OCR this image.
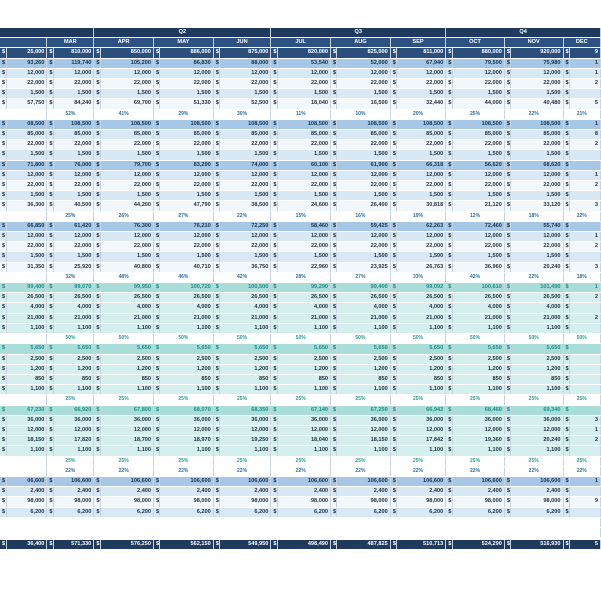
				Q2						Q3						Q4					
		MAR		APR		MAY		JUN		JUL		AUG		SEP		OCT		NOV		DEC	
$	25,000	$	810,000	$	850,000	$	886,000	$	875,000	$	820,000	$	825,000	$	811,000	$	880,000	$	920,000	$	9
$	93,260	$	119,740	$	105,200	$	86,830	$	88,000	$	53,540	$	52,000	$	67,940	$	79,500	$	75,980	$	1
$	12,000	$	12,000	$	12,000	$	12,000	$	12,000	$	12,000	$	12,000	$	12,000	$	12,000	$	12,000	$	1
$	22,000	$	22,000	$	22,000	$	22,000	$	22,000	$	22,000	$	22,000	$	22,000	$	22,000	$	22,000	$	2
$	1,500	$	1,500	$	1,500	$	1,500	$	1,500	$	1,500	$	1,500	$	1,500	$	1,500	$	1,500	$	
$	57,750	$	84,240	$	69,700	$	51,330	$	52,500	$	18,040	$	16,500	$	32,440	$	44,000	$	40,480	$	5
		52%		41%		29%		30%		11%		10%		20%		25%		22%		21%	
$	08,500	$	108,500	$	108,500	$	108,500	$	108,500	$	108,500	$	108,500	$	108,500	$	108,500	$	108,500	$	1
$	85,000	$	85,000	$	85,000	$	85,000	$	85,000	$	85,000	$	85,000	$	85,000	$	85,000	$	85,000	$	8
$	22,000	$	22,000	$	22,000	$	22,000	$	22,000	$	22,000	$	22,000	$	22,000	$	22,000	$	22,000	$	2
$	1,500	$	1,500	$	1,500	$	1,500	$	1,500	$	1,500	$	1,500	$	1,500	$	1,500	$	1,500	$	
$	71,800	$	76,000	$	79,700	$	83,290	$	74,000	$	60,100	$	61,900	$	66,318	$	56,620	$	68,620	$	
$	12,000	$	12,000	$	12,000	$	12,000	$	12,000	$	12,000	$	12,000	$	12,000	$	12,000	$	12,000	$	1
$	22,000	$	22,000	$	22,000	$	22,000	$	22,000	$	22,000	$	22,000	$	22,000	$	22,000	$	22,000	$	2
$	1,500	$	1,500	$	1,500	$	1,500	$	1,500	$	1,500	$	1,500	$	1,500	$	1,500	$	1,500	$	
$	36,300	$	40,500	$	44,200	$	47,790	$	38,500	$	24,600	$	26,400	$	30,818	$	21,120	$	33,120	$	3
		25%		26%		27%		22%		15%		16%		19%		12%		18%		22%	
$	66,850	$	61,420	$	76,300	$	76,210	$	72,250	$	58,460	$	59,425	$	62,263	$	72,460	$	55,740	$	
$	12,000	$	12,000	$	12,000	$	12,000	$	12,000	$	12,000	$	12,000	$	12,000	$	12,000	$	12,000	$	1
$	22,000	$	22,000	$	22,000	$	22,000	$	22,000	$	22,000	$	22,000	$	22,000	$	22,000	$	22,000	$	2
$	1,500	$	1,500	$	1,500	$	1,500	$	1,500	$	1,500	$	1,500	$	1,500	$	1,500	$	1,500	$	
$	31,350	$	25,920	$	40,800	$	40,710	$	36,750	$	22,960	$	23,925	$	26,763	$	36,960	$	20,240	$	3
		32%		48%		46%		42%		28%		27%		33%		42%		22%		18%	
$	99,400	$	99,070	$	99,950	$	100,720	$	100,500	$	99,290	$	99,400	$	99,092	$	100,610	$	101,490	$	1
$	26,500	$	26,500	$	26,500	$	26,500	$	26,500	$	26,500	$	26,500	$	26,500	$	26,500	$	26,500	$	2
$	4,000	$	4,000	$	4,000	$	4,000	$	4,000	$	4,000	$	4,000	$	4,000	$	4,000	$	4,000	$	
$	21,000	$	21,000	$	21,000	$	21,000	$	21,000	$	21,000	$	21,000	$	21,000	$	21,000	$	21,000	$	2
$	1,100	$	1,100	$	1,100	$	1,100	$	1,100	$	1,100	$	1,100	$	1,100	$	1,100	$	1,100	$	
		50%		50%		50%		50%		50%		50%		50%		50%		50%		50%	
$	5,650	$	5,650	$	5,650	$	5,650	$	5,650	$	5,650	$	5,650	$	5,650	$	5,650	$	5,650	$	
$	2,500	$	2,500	$	2,500	$	2,500	$	2,500	$	2,500	$	2,500	$	2,500	$	2,500	$	2,500	$	
$	1,200	$	1,200	$	1,200	$	1,200	$	1,200	$	1,200	$	1,200	$	1,200	$	1,200	$	1,200	$	
$	850	$	850	$	850	$	850	$	850	$	850	$	850	$	850	$	850	$	850	$	
$	1,100	$	1,100	$	1,100	$	1,100	$	1,100	$	1,100	$	1,100	$	1,100	$	1,100	$	1,100	$	
		25%		25%		25%		25%		25%		25%		25%		25%		25%		25%	
$	67,230	$	66,920	$	67,800	$	68,070	$	68,350	$	67,140	$	67,250	$	66,942	$	68,460	$	69,340	$	
$	36,000	$	36,000	$	36,000	$	36,000	$	36,000	$	36,000	$	36,000	$	36,000	$	36,000	$	36,000	$	3
$	12,000	$	12,000	$	12,000	$	12,000	$	12,000	$	12,000	$	12,000	$	12,000	$	12,000	$	12,000	$	1
$	18,150	$	17,820	$	18,700	$	18,970	$	19,250	$	18,040	$	18,150	$	17,842	$	19,360	$	20,240	$	2
$	1,100	$	1,100	$	1,100	$	1,100	$	1,100	$	1,100	$	1,100	$	1,100	$	1,100	$	1,100	$	
		25%		25%		25%		25%		25%		25%		25%		25%		25%		25%	
		22%		22%		22%		22%		22%		22%		22%		22%		22%		22%	
$	06,600	$	106,600	$	106,600	$	106,600	$	106,600	$	106,600	$	106,600	$	106,600	$	106,600	$	106,600	$	1
$	2,400	$	2,400	$	2,400	$	2,400	$	2,400	$	2,400	$	2,400	$	2,400	$	2,400	$	2,400	$	
$	98,000	$	98,000	$	98,000	$	98,000	$	98,000	$	98,000	$	98,000	$	98,000	$	98,000	$	98,000	$	9
$	6,200	$	6,200	$	6,200	$	6,200	$	6,200	$	6,200	$	6,200	$	6,200	$	6,200	$	6,200	$	

$	36,400	$	571,330	$	576,250	$	562,150	$	549,950	$	498,490	$	487,825	$	510,713	$	524,290	$	516,930	$	5
